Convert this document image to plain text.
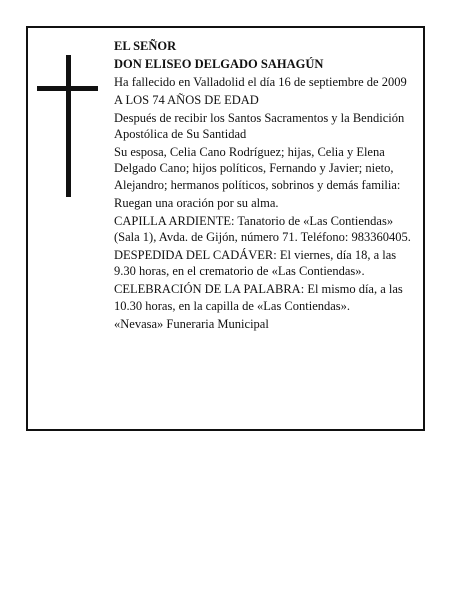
EL SEÑOR

DON ELISEO DELGADO SAHAGÚN

Ha fallecido en Valladolid el día 16 de septiembre de 2009

A LOS 74 AÑOS DE EDAD

Después de recibir los Santos Sacramentos y la Bendición Apostólica de Su Santidad

Su esposa, Celia Cano Rodríguez; hijas, Celia y Elena Delgado Cano; hijos políticos, Fernando y Javier; nieto, Alejandro; hermanos políticos, sobrinos y demás familia:

Ruegan una oración por su alma.

CAPILLA ARDIENTE: Tanatorio de «Las Contiendas» (Sala 1), Avda. de Gijón, número 71. Teléfono: 983360405.

DESPEDIDA DEL CADÁVER: El viernes, día 18, a las 9.30 horas, en el crematorio de «Las Contiendas».

CELEBRACIÓN DE LA PALABRA: El mismo día, a las 10.30 horas, en la capilla de «Las Contiendas».

«Nevasa» Funeraria Municipal
